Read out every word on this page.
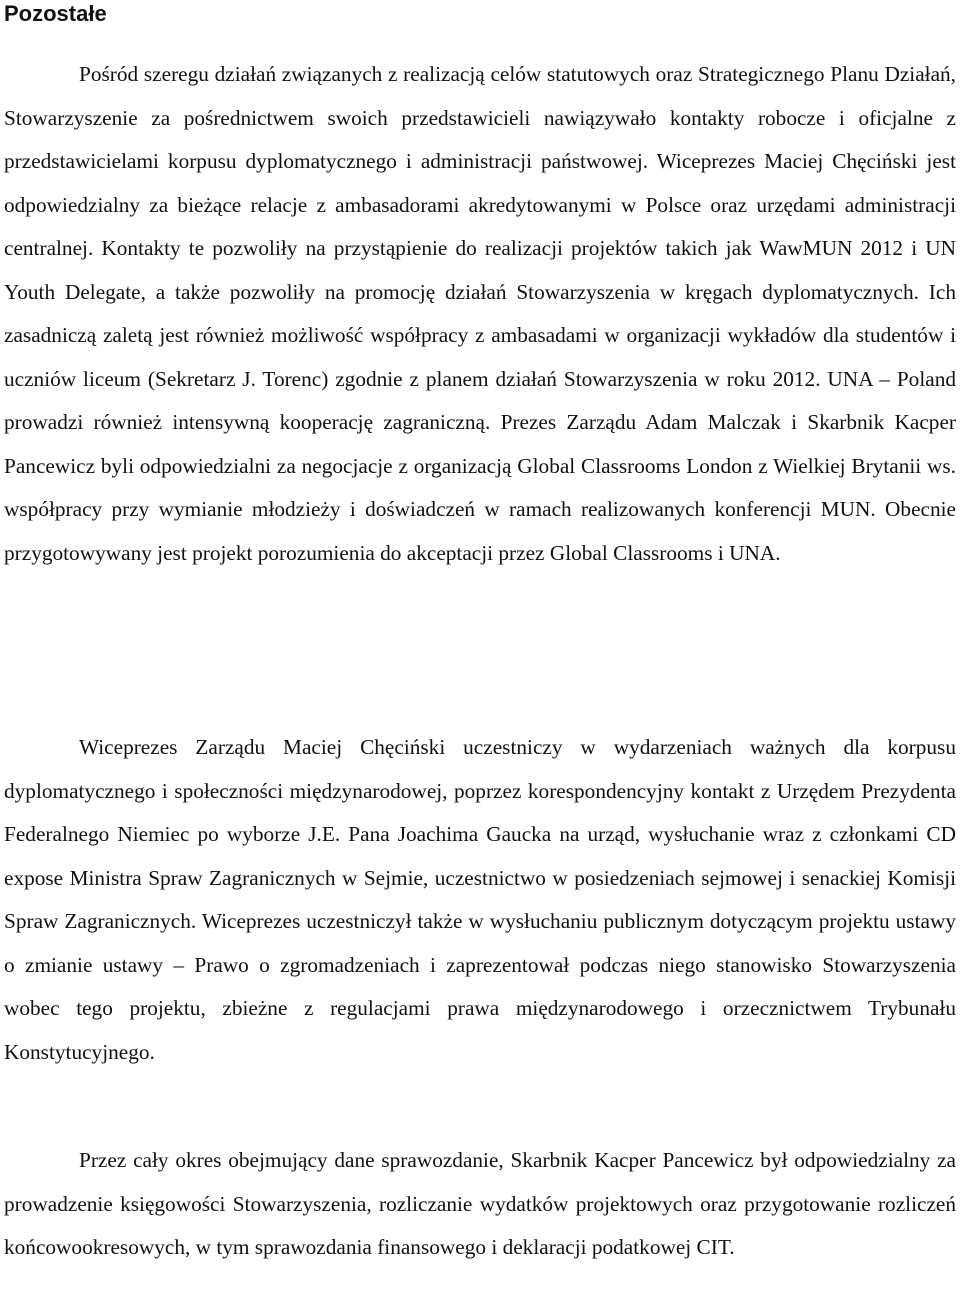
Pozostałe

Pośród szeregu działań związanych z realizacją celów statutowych oraz Strategicznego Planu Działań, Stowarzyszenie za pośrednictwem swoich przedstawicieli nawiązywało kontakty robocze i oficjalne z przedstawicielami korpusu dyplomatycznego i administracji państwowej. Wiceprezes Maciej Chęciński jest odpowiedzialny za bieżące relacje z ambasadorami akredytowanymi w Polsce oraz urzędami administracji centralnej. Kontakty te pozwoliły na przystąpienie do realizacji projektów takich jak WawMUN 2012 i UN Youth Delegate, a także pozwoliły na promocję działań Stowarzyszenia w kręgach dyplomatycznych. Ich zasadniczą zaletą jest również możliwość współpracy z ambasadami w organizacji wykładów dla studentów i uczniów liceum (Sekretarz J. Torenc) zgodnie z planem działań Stowarzyszenia w roku 2012. UNA – Poland prowadzi również intensywną kooperację zagraniczną. Prezes Zarządu Adam Malczak i Skarbnik Kacper Pancewicz byli odpowiedzialni za negocjacje z organizacją Global Classrooms London z Wielkiej Brytanii ws. współpracy przy wymianie młodzieży i doświadczeń w ramach realizowanych konferencji MUN. Obecnie przygotowywany jest projekt porozumienia do akceptacji przez Global Classrooms i UNA.

Wiceprezes Zarządu Maciej Chęciński uczestniczy w wydarzeniach ważnych dla korpusu dyplomatycznego i społeczności międzynarodowej, poprzez korespondencyjny kontakt z Urzędem Prezydenta Federalnego Niemiec po wyborze J.E. Pana Joachima Gaucka na urząd, wysłuchanie wraz z członkami CD expose Ministra Spraw Zagranicznych w Sejmie, uczestnictwo w posiedzeniach sejmowej i senackiej Komisji Spraw Zagranicznych. Wiceprezes uczestniczył także w wysłuchaniu publicznym dotyczącym projektu ustawy o zmianie ustawy – Prawo o zgromadzeniach i zaprezentował podczas niego stanowisko Stowarzyszenia wobec tego projektu, zbieżne z regulacjami prawa międzynarodowego i orzecznictwem Trybunału Konstytucyjnego.

Przez cały okres obejmujący dane sprawozdanie, Skarbnik Kacper Pancewicz był odpowiedzialny za prowadzenie księgowości Stowarzyszenia, rozliczanie wydatków projektowych oraz przygotowanie rozliczeń końcowookresowych, w tym sprawozdania finansowego i deklaracji podatkowej CIT.
